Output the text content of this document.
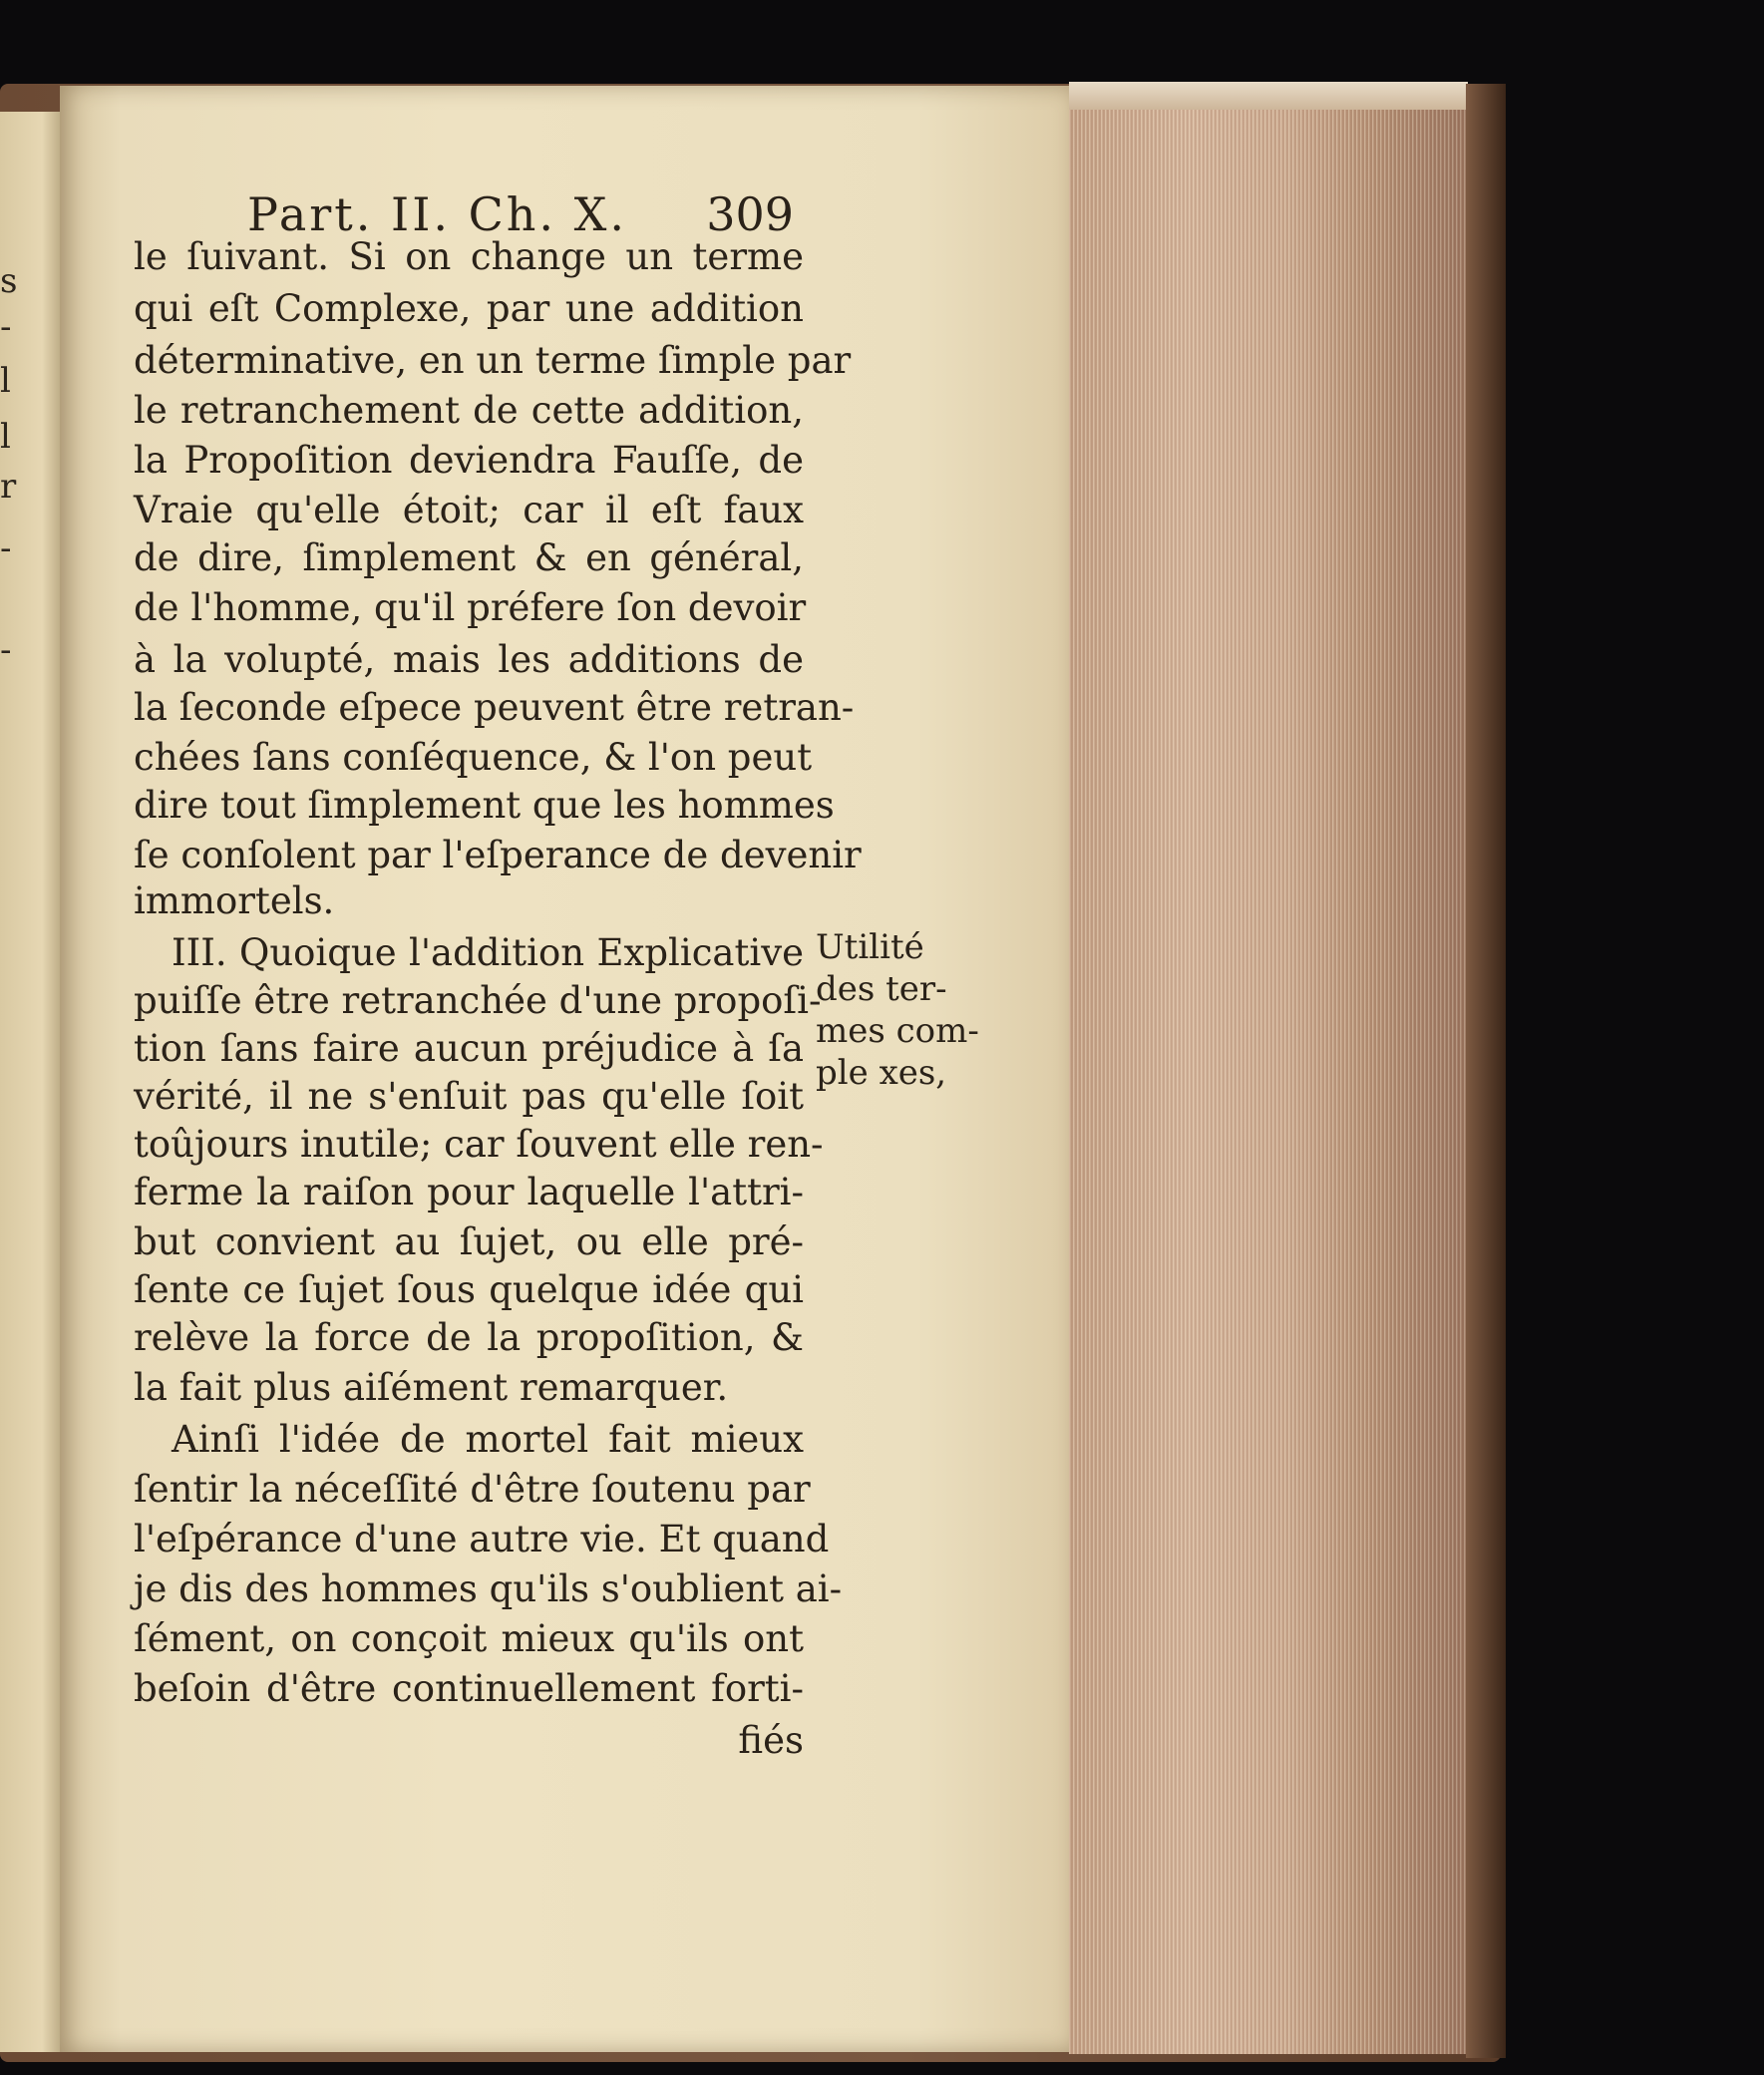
s
-
l
l
r
-
-
Part. II. Ch. X. 309
le ſuivant. Si on change un terme
qui eſt Complexe, par une addition
déterminative, en un terme ſimple par
le retranchement de cette addition,
la Propoſition deviendra Fauſſe, de
Vraie qu'elle étoit; car il eſt faux
de dire, ſimplement & en général,
de l'homme, qu'il préfere ſon devoir
à la volupté, mais les additions de
la ſeconde eſpece peuvent être retran-
chées ſans conſéquence, & l'on peut
dire tout ſimplement que les hommes
ſe conſolent par l'eſperance de devenir
immortels.
III. Quoique l'addition Explicative
puiſſe être retranchée d'une propoſi-
tion ſans faire aucun préjudice à ſa
vérité, il ne s'enſuit pas qu'elle ſoit
toûjours inutile; car ſouvent elle ren-
ferme la raiſon pour laquelle l'attri-
but convient au ſujet, ou elle pré-
ſente ce ſujet ſous quelque idée qui
relève la force de la propoſition, &
la fait plus aiſément remarquer.
Ainſi l'idée de mortel fait mieux
ſentir la néceſſité d'être ſoutenu par
l'eſpérance d'une autre vie. Et quand
je dis des hommes qu'ils s'oublient ai-
ſément, on conçoit mieux qu'ils ont
beſoin d'être continuellement forti-
fiés
Utilité
des ter-
mes com-
ple xes,
